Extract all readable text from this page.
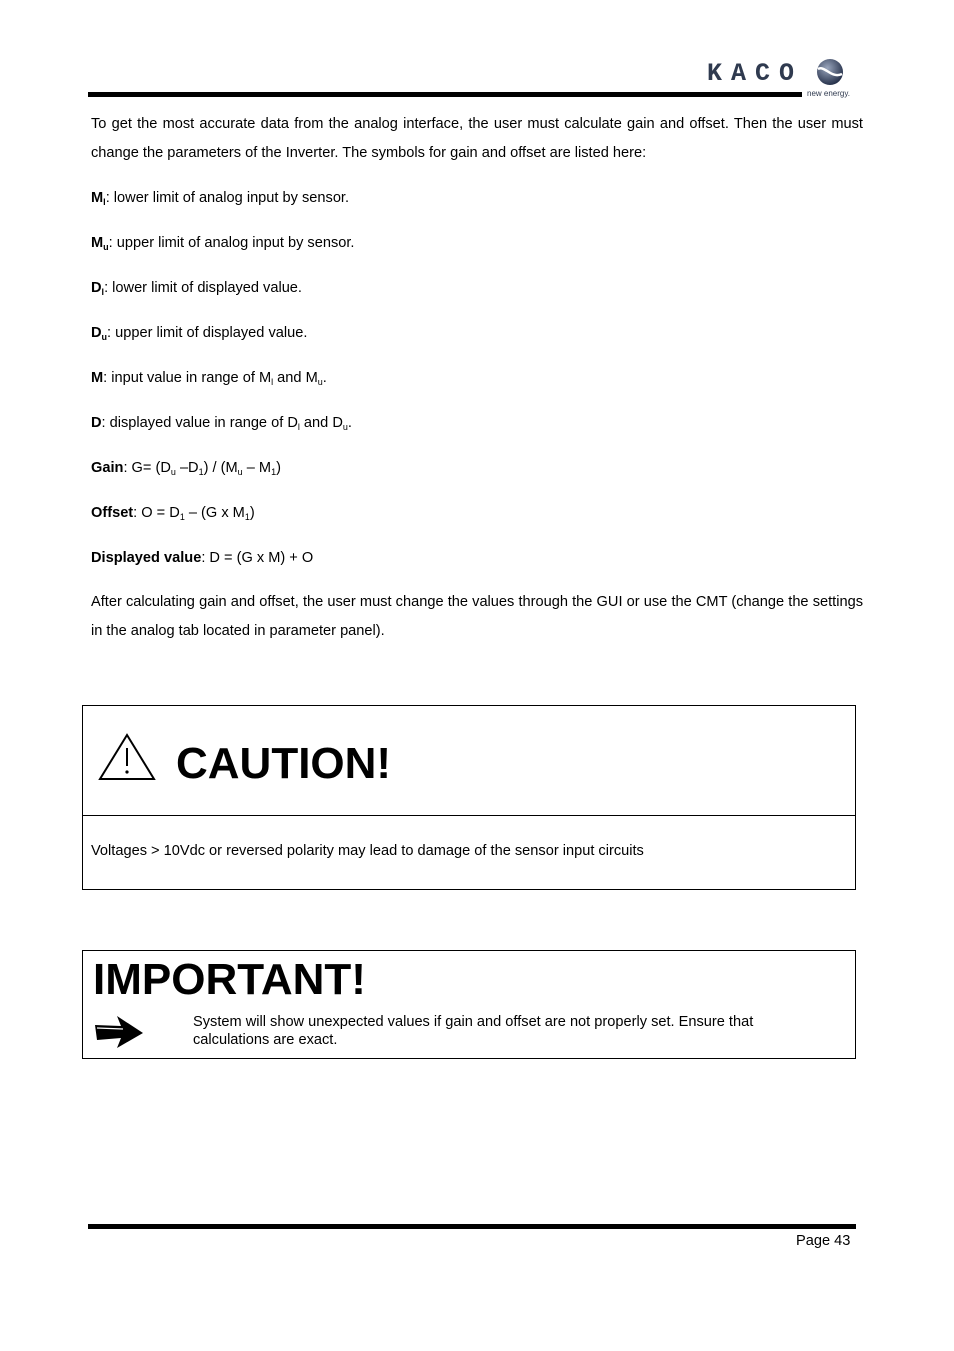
KACO
new energy.

To get the most accurate data from the analog interface, the user must calculate gain and offset. Then the user must change the parameters of the Inverter. The symbols for gain and offset are listed here:

$M_l$: lower limit of analog input by sensor.

$M_u$: upper limit of analog input by sensor.

$D_l$: lower limit of displayed value.

$D_u$: upper limit of displayed value.

M: input value in range of $M_l$ and $M_u$.

D: displayed value in range of $D_l$ and $D_u$.

Gain: $G= (D_u$ $-D_1) / (M_u - M_1)$

Offset: $O = D_1 - (G$ x $M_1$)

Displayed value: D = (G x M) + O

After calculating gain and offset, the user must change the values through the GUI or use the CMT (change the settings in the analog tab located in parameter panel).

CAUTION!
Voltages > 10Vdc or reversed polarity may lead to damage of the sensor input circuits
IMPORTANT!
System will show unexpected values if gain and offset are not properly set. Ensure that calculations are exact.
Page 43
